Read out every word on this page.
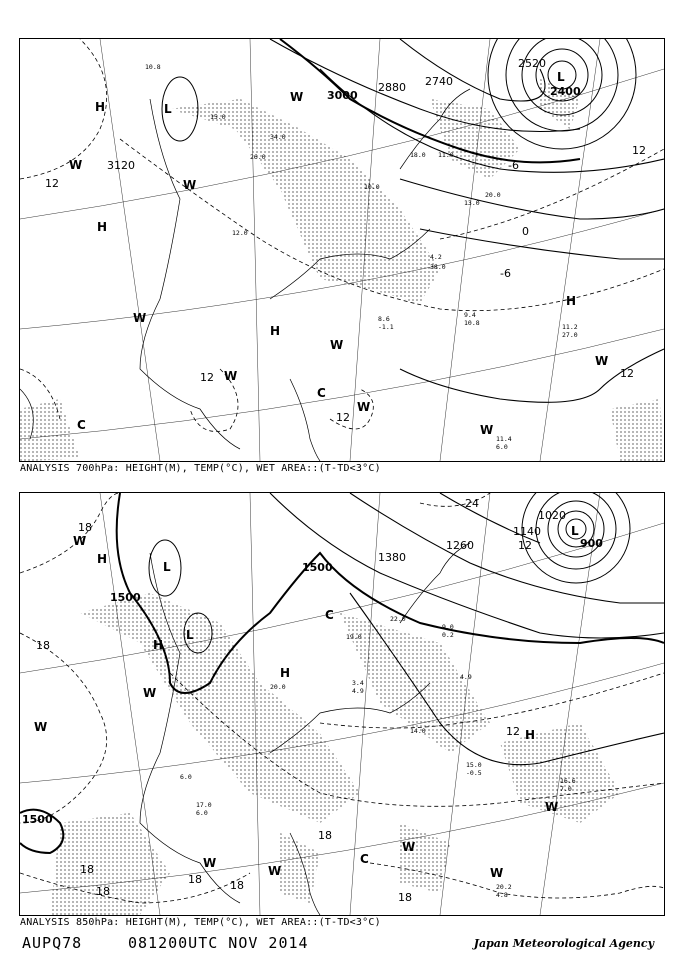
3000
2880 2740
2520
2400
3120
12
12
12
12
0
-6
-6
12
H
H
L
L
H
H
C
C
W
W
W
W
W
W
W
W
W
10.8
15.0
26.0
34.0
18.0 11.0
38.0
20.0
10.0
12.0
4.2
11.2
27.0
9.4
10.8
11.4
6.0
8.6
-1.1
13.0
ANALYSIS 700hPa: HEIGHT(M), TEMP(°C), WET AREA::(T-TD<3°C)
1500
1500
1380
1260
1500
900
1020
1140
18
18
18
18
18
18	18
18
12
12
24
H
H
H
H
L
L
L
C
C
W
W
W
W
W
W
W
W
20.2
4.8
16.6
7.0
15.0
-0.5
9.0
0.2
22.0
19.0
3.4
4.9
20.0
14.0
6.0
4.9
17.0
6.0
ANALYSIS 850hPa: HEIGHT(M), TEMP(°C), WET AREA::(T-TD<3°C)
AUPQ78	081200UTC NOV 2014	Japan Meteorological Agency
